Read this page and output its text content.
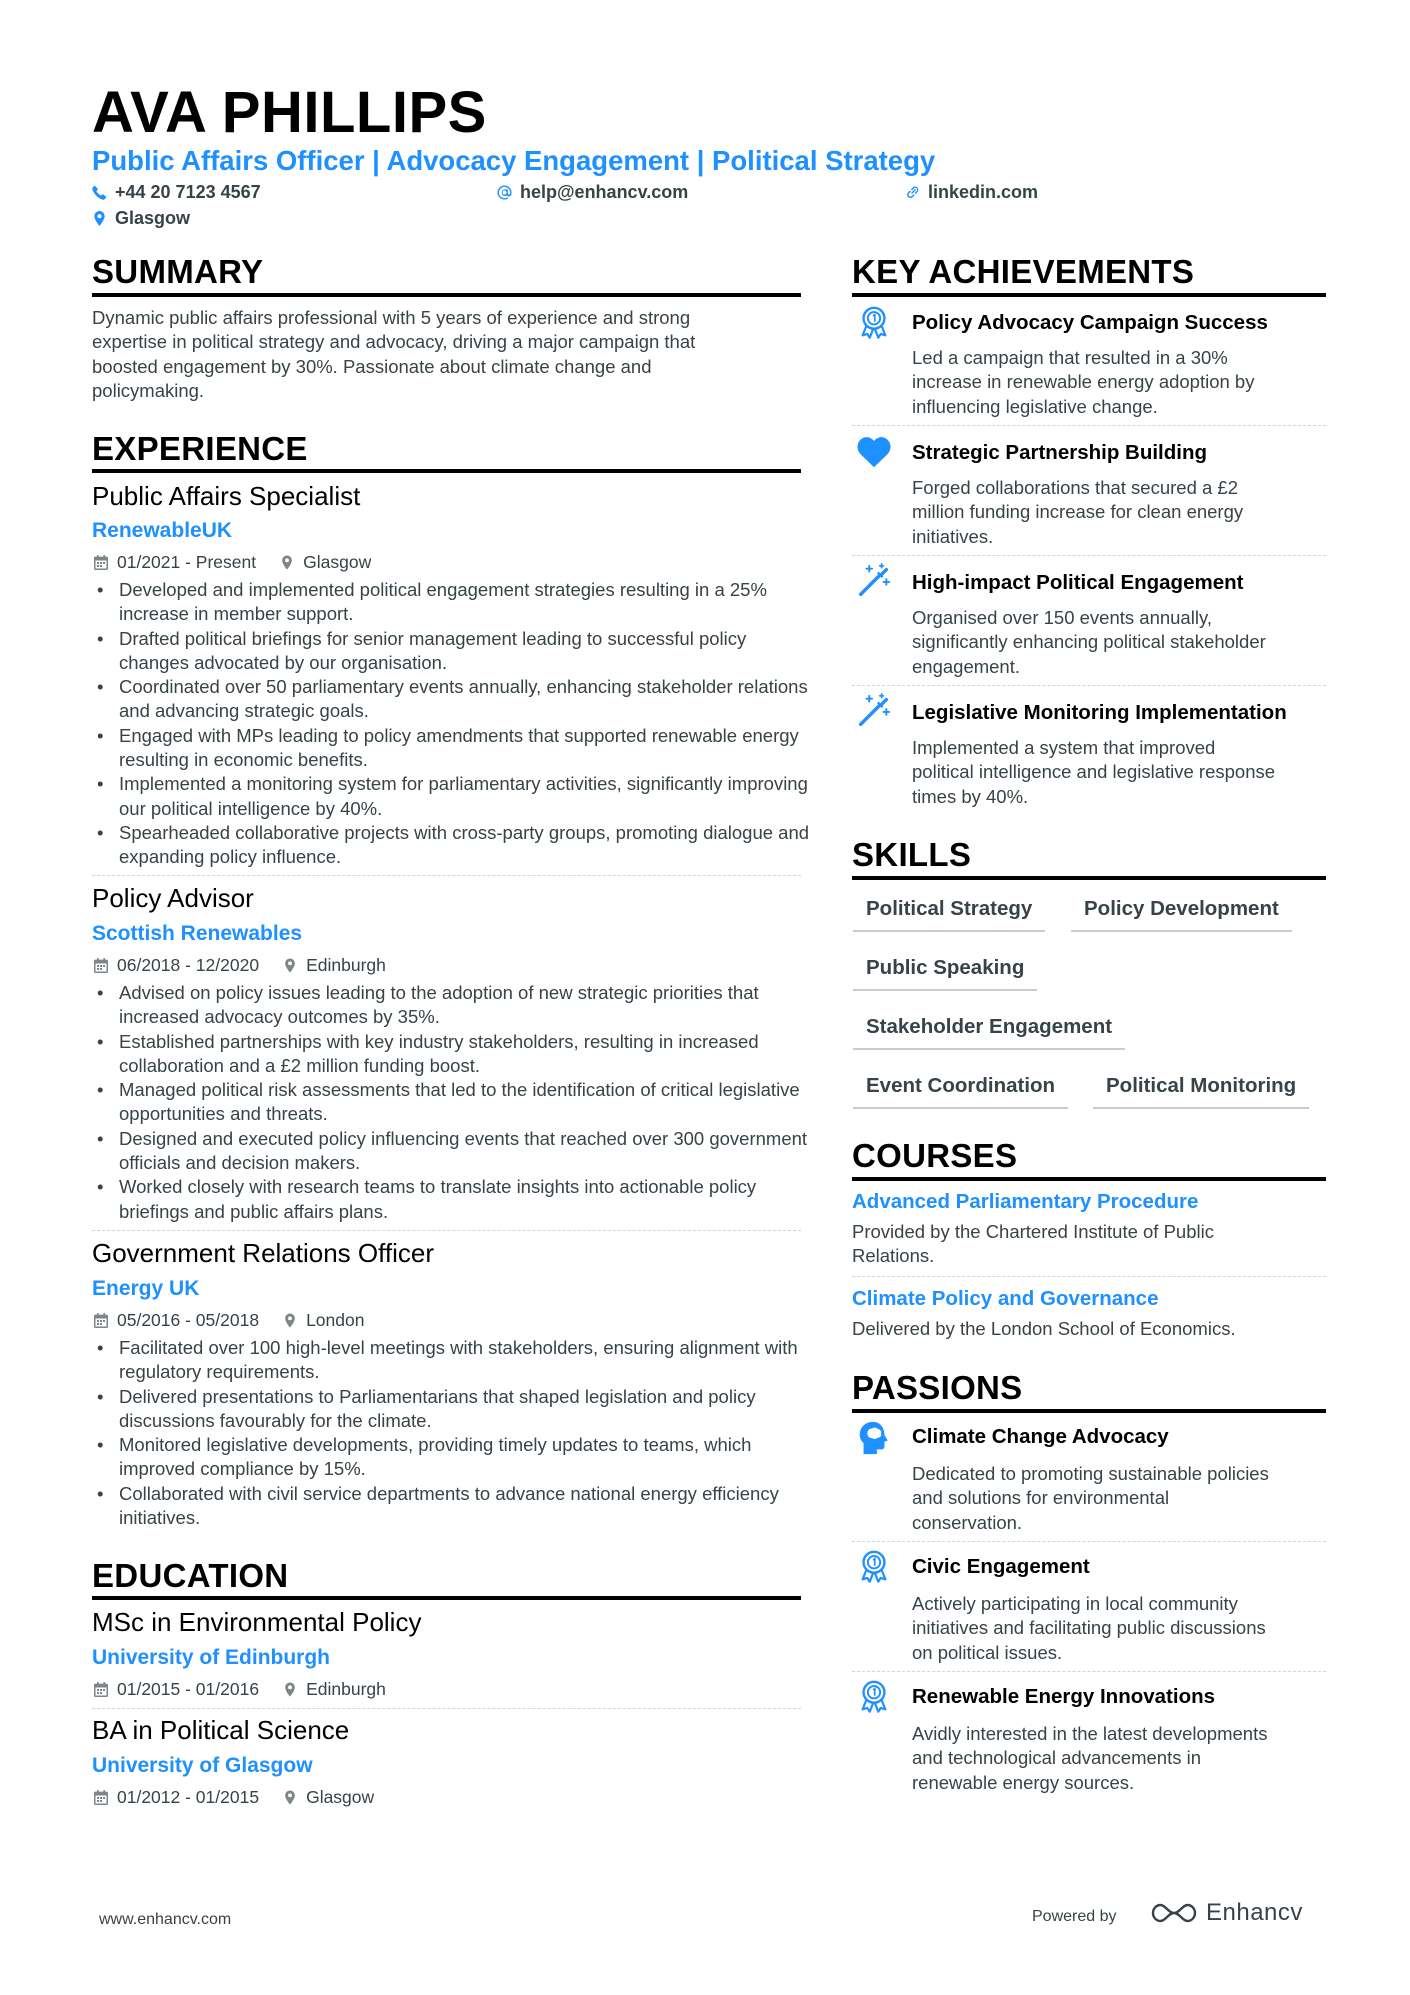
AVA PHILLIPS
Public Affairs Officer | Advocacy Engagement | Political Strategy
+44 20 7123 4567	help@enhancv.com	linkedin.com
Glasgow
SUMMARY
Dynamic public affairs professional with 5 years of experience and strong
expertise in political strategy and advocacy, driving a major campaign that
boosted engagement by 30%. Passionate about climate change and
policymaking.
EXPERIENCE
Public Affairs Specialist
RenewableUK
01/2021 - Present	Glasgow
• Developed and implemented political engagement strategies resulting in a 25% increase in member support.
• Drafted political briefings for senior management leading to successful policy changes advocated by our organisation.
• Coordinated over 50 parliamentary events annually, enhancing stakeholder relations and advancing strategic goals.
• Engaged with MPs leading to policy amendments that supported renewable energy resulting in economic benefits.
• Implemented a monitoring system for parliamentary activities, significantly improving our political intelligence by 40%.
• Spearheaded collaborative projects with cross-party groups, promoting dialogue and expanding policy influence.
Policy Advisor
Scottish Renewables
06/2018 - 12/2020	Edinburgh
• Advised on policy issues leading to the adoption of new strategic priorities that increased advocacy outcomes by 35%.
• Established partnerships with key industry stakeholders, resulting in increased collaboration and a £2 million funding boost.
• Managed political risk assessments that led to the identification of critical legislative opportunities and threats.
• Designed and executed policy influencing events that reached over 300 government officials and decision makers.
• Worked closely with research teams to translate insights into actionable policy briefings and public affairs plans.
Government Relations Officer
Energy UK
05/2016 - 05/2018	London
• Facilitated over 100 high-level meetings with stakeholders, ensuring alignment with regulatory requirements.
• Delivered presentations to Parliamentarians that shaped legislation and policy discussions favourably for the climate.
• Monitored legislative developments, providing timely updates to teams, which improved compliance by 15%.
• Collaborated with civil service departments to advance national energy efficiency initiatives.
EDUCATION
MSc in Environmental Policy
University of Edinburgh
01/2015 - 01/2016	Edinburgh
BA in Political Science
University of Glasgow
01/2012 - 01/2015	Glasgow
KEY ACHIEVEMENTS
Policy Advocacy Campaign Success
Led a campaign that resulted in a 30%
increase in renewable energy adoption by
influencing legislative change.
Strategic Partnership Building
Forged collaborations that secured a £2
million funding increase for clean energy
initiatives.
High-impact Political Engagement
Organised over 150 events annually,
significantly enhancing political stakeholder
engagement.
Legislative Monitoring Implementation
Implemented a system that improved
political intelligence and legislative response
times by 40%.
SKILLS
Political Strategy	Policy Development
Public Speaking
Stakeholder Engagement
Event Coordination	Political Monitoring
COURSES
Advanced Parliamentary Procedure
Provided by the Chartered Institute of Public
Relations.
Climate Policy and Governance
Delivered by the London School of Economics.
PASSIONS
Climate Change Advocacy
Dedicated to promoting sustainable policies
and solutions for environmental
conservation.
Civic Engagement
Actively participating in local community
initiatives and facilitating public discussions
on political issues.
Renewable Energy Innovations
Avidly interested in the latest developments
and technological advancements in
renewable energy sources.
www.enhancv.com	Powered by	Enhancv
